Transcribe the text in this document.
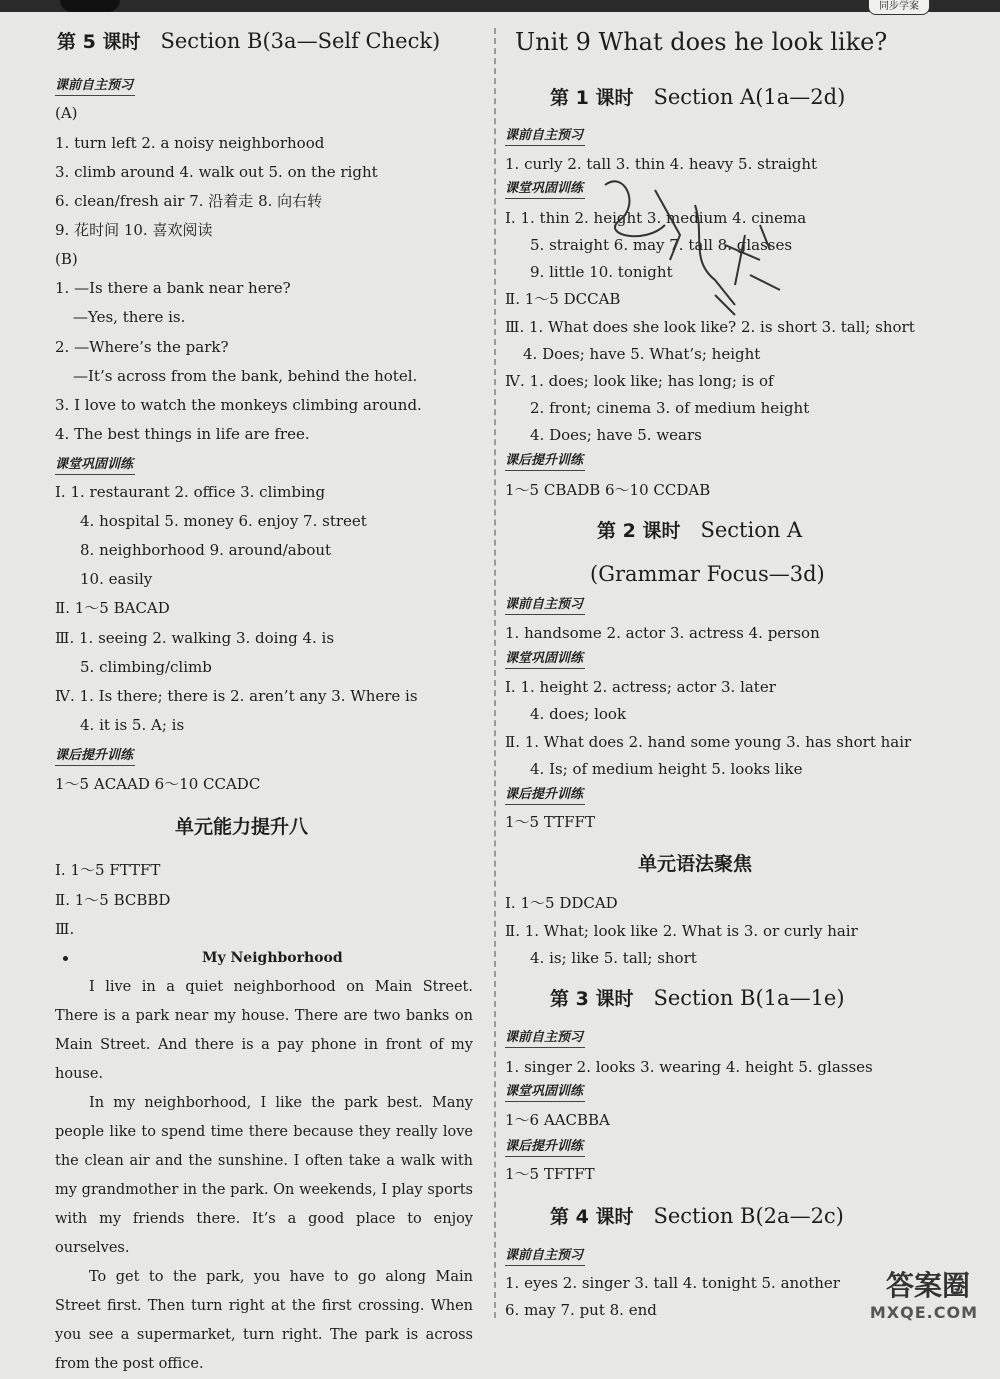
同步学案
第 5 课时 Section B(3a—Self Check)
课前自主预习
(A)
1. turn left 2. a noisy neighborhood
3. climb around 4. walk out 5. on the right
6. clean/fresh air 7. 沿着走 8. 向右转
9. 花时间 10. 喜欢阅读
(B)
1. —Is there a bank near here?
—Yes, there is.
2. —Where’s the park?
—It’s across from the bank, behind the hotel.
3. I love to watch the monkeys climbing around.
4. The best things in life are free.
课堂巩固训练
Ⅰ. 1. restaurant 2. office 3. climbing
4. hospital 5. money 6. enjoy 7. street
8. neighborhood 9. around/about
10. easily
Ⅱ. 1～5 BACAD
Ⅲ. 1. seeing 2. walking 3. doing 4. is
5. climbing/climb
Ⅳ. 1. Is there; there is 2. aren’t any 3. Where is
4. it is 5. A; is
课后提升训练
1～5 ACAAD 6～10 CCADC
单元能力提升八
Ⅰ. 1～5 FTTFT
Ⅱ. 1～5 BCBBD
Ⅲ.
My Neighborhood

I live in a quiet neighborhood on Main Street. There is a park near my house. There are two banks on Main Street. And there is a pay phone in front of my house.

In my neighborhood, I like the park best. Many people like to spend time there because they really love the clean air and the sunshine. I often take a walk with my grandmother in the park. On weekends, I play sports with my friends there. It’s a good place to enjoy ourselves.

To get to the park, you have to go along Main Street first. Then turn right at the first crossing. When you see a supermarket, turn right. The park is across from the post office.

Unit 9 What does he look like?
第 1 课时 Section A(1a—2d)
课前自主预习
1. curly 2. tall 3. thin 4. heavy 5. straight
课堂巩固训练
Ⅰ. 1. thin 2. height 3. medium 4. cinema
5. straight 6. may 7. tall 8. glasses
9. little 10. tonight
Ⅱ. 1～5 DCCAB
Ⅲ. 1. What does she look like? 2. is short 3. tall; short
4. Does; have 5. What’s; height
Ⅳ. 1. does; look like; has long; is of
2. front; cinema 3. of medium height
4. Does; have 5. wears
课后提升训练
1～5 CBADB 6～10 CCDAB
第 2 课时 Section A
(Grammar Focus—3d)
课前自主预习
1. handsome 2. actor 3. actress 4. person
课堂巩固训练
Ⅰ. 1. height 2. actress; actor 3. later
4. does; look
Ⅱ. 1. What does 2. hand some young 3. has short hair
4. Is; of medium height 5. looks like
课后提升训练
1～5 TTFFT
单元语法聚焦
Ⅰ. 1～5 DDCAD
Ⅱ. 1. What; look like 2. What is 3. or curly hair
4. is; like 5. tall; short
第 3 课时 Section B(1a—1e)
课前自主预习
1. singer 2. looks 3. wearing 4. height 5. glasses
课堂巩固训练
1～6 AACBBA
课后提升训练
1～5 TFTFT
第 4 课时 Section B(2a—2c)
课前自主预习
1. eyes 2. singer 3. tall 4. tonight 5. another
6. may 7. put 8. end
答案圈
MXQE.COM
